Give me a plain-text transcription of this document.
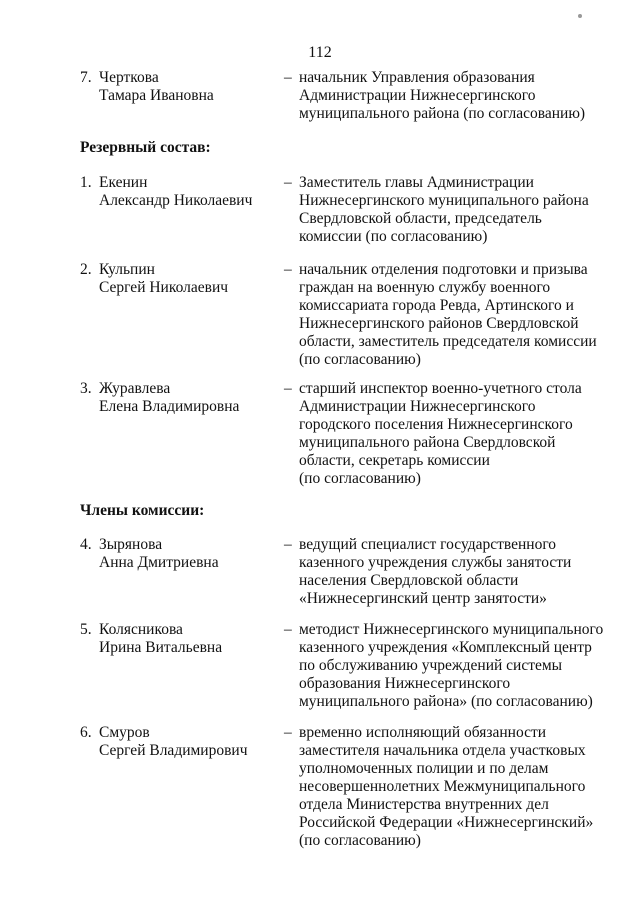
112
7. Черткова
Тамара Ивановна
– начальник Управления образования
Администрации Нижнесергинского
муниципального района (по согласованию)
Резервный состав:
1. Екенин
Александр Николаевич
– Заместитель главы Администрации
Нижнесергинского муниципального района
Свердловской области, председатель
комиссии (по согласованию)
2. Кульпин
Сергей Николаевич
– начальник отделения подготовки и призыва
граждан на военную службу военного
комиссариата города Ревда, Артинского и
Нижнесергинского районов Свердловской
области, заместитель председателя комиссии
(по согласованию)
3. Журавлева
Елена Владимировна
– старший инспектор военно-учетного стола
Администрации Нижнесергинского
городского поселения Нижнесергинского
муниципального района Свердловской
области, секретарь комиссии
(по согласованию)
Члены комиссии:
4. Зырянова
Анна Дмитриевна
– ведущий специалист государственного
казенного учреждения службы занятости
населения Свердловской области
«Нижнесергинский центр занятости»
5. Колясникова
Ирина Витальевна
– методист Нижнесергинского муниципального
казенного учреждения «Комплексный центр
по обслуживанию учреждений системы
образования Нижнесергинского
муниципального района» (по согласованию)
6. Смуров
Сергей Владимирович
– временно исполняющий обязанности
заместителя начальника отдела участковых
уполномоченных полиции и по делам
несовершеннолетних Межмуниципального
отдела Министерства внутренних дел
Российской Федерации «Нижнесергинский»
(по согласованию)
